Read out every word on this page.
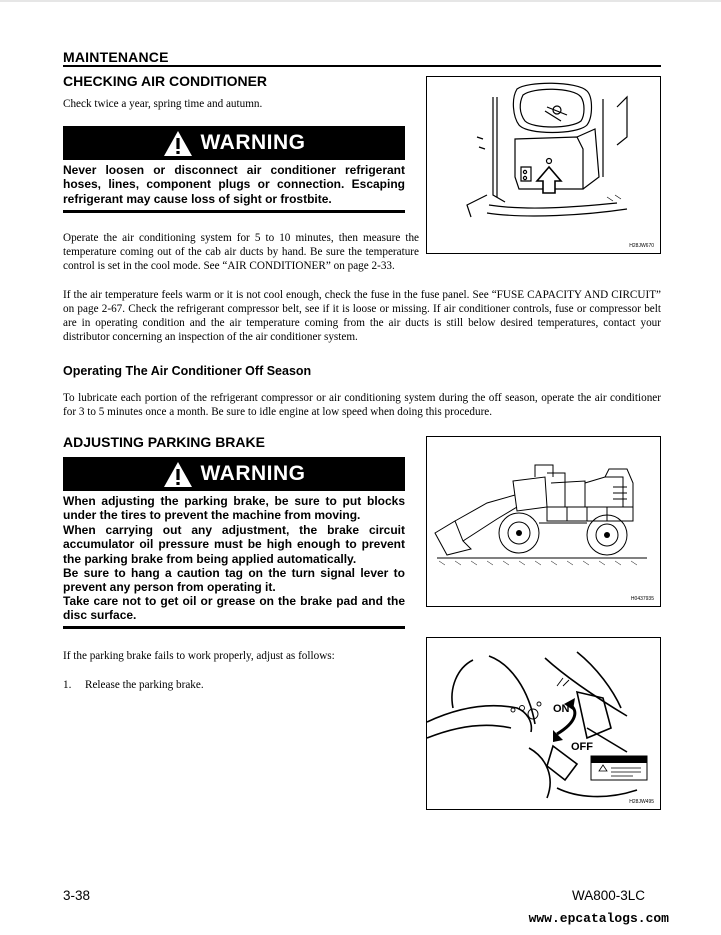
MAINTENANCE
CHECKING AIR CONDITIONER
Check twice a year, spring time and autumn.
WARNING
Never loosen or disconnect air conditioner refrigerant hoses, lines, component plugs or connection. Escaping refrigerant may cause loss of sight or frostbite.
Operate the air conditioning system for 5 to 10 minutes, then measure the temperature coming out of the cab air ducts by hand. Be sure the temperature control is set in the cool mode. See “AIR CONDITIONER” on page 2-33.
If the air temperature feels warm or it is not cool enough, check the fuse in the fuse panel. See “FUSE CAPACITY AND CIRCUIT” on page 2-67. Check the refrigerant compressor belt, see if it is loose or missing. If air conditioner controls, fuse or compressor belt are in operating condition and the air temperature coming from the air ducts is still below desired temperatures, contact your distributor concerning an inspection of the air conditioner system.
Operating The Air Conditioner Off Season
To lubricate each portion of the refrigerant compressor or air conditioning system during the off season, operate the air conditioner for 3 to 5 minutes once a month. Be sure to idle engine at low speed when doing this procedure.
H28JW670
ADJUSTING PARKING BRAKE
WARNING
When adjusting the parking brake, be sure to put blocks under the tires to prevent the machine from moving.
When carrying out any adjustment, the brake circuit accumulator oil pressure must be high enough to prevent the parking brake from being applied automatically.
Be sure to hang a caution tag on the turn signal lever to prevent any person from operating it.
Take care not to get oil or grease on the brake pad and the disc surface.
If the parking brake fails to work properly, adjust as follows:
1. Release the parking brake.
H0437935
ON
OFF
H28JW495
3-38	WA800-3LC
www.epcatalogs.com
